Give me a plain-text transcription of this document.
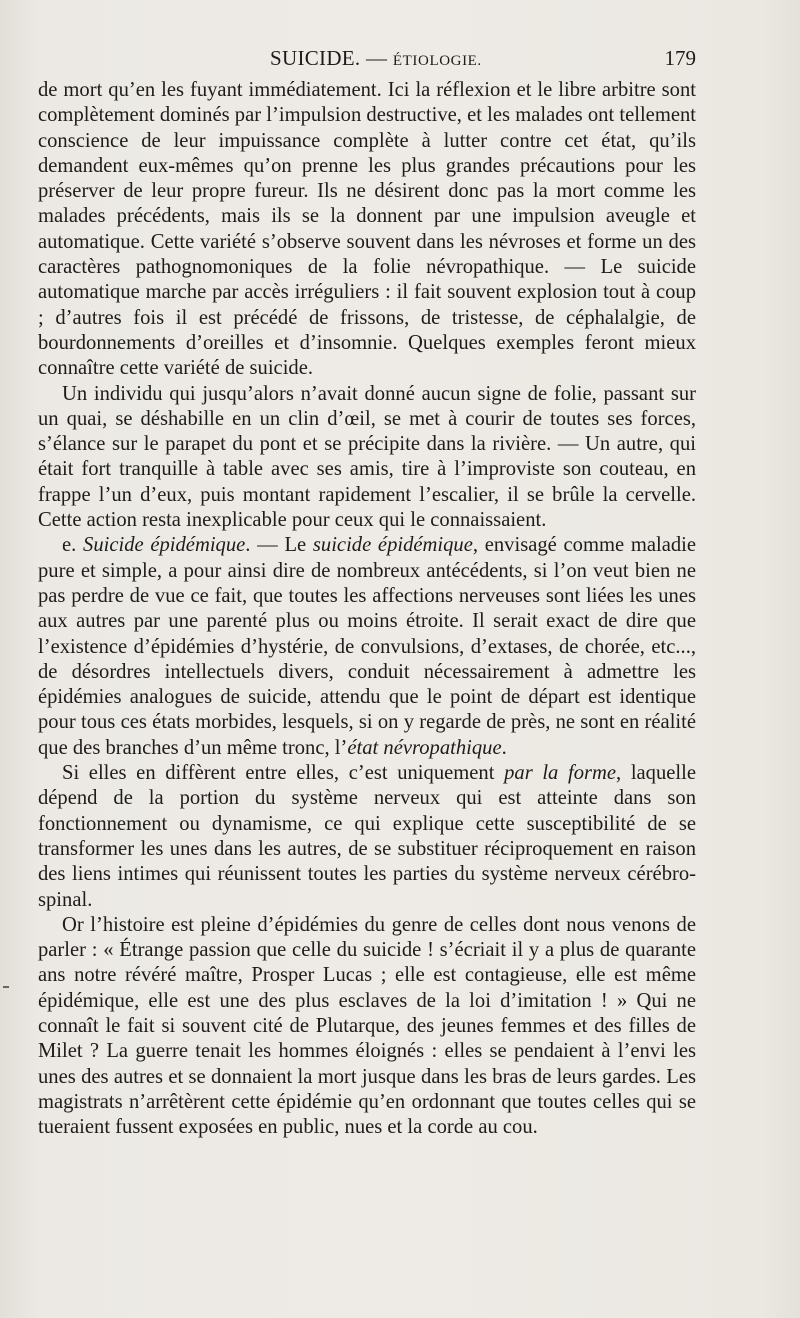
SUICIDE. — ÉTIOLOGIE.	179

de mort qu’en les fuyant immédiatement. Ici la réflexion et le libre arbitre sont complètement dominés par l’impulsion destructive, et les malades ont tellement conscience de leur impuissance complète à lutter contre cet état, qu’ils demandent eux-mêmes qu’on prenne les plus grandes précautions pour les préserver de leur propre fureur. Ils ne désirent donc pas la mort comme les malades précédents, mais ils se la donnent par une impulsion aveugle et automatique. Cette variété s’observe souvent dans les névroses et forme un des caractères pathognomoniques de la folie névropathique. — Le suicide automatique marche par accès irréguliers : il fait souvent explosion tout à coup ; d’autres fois il est précédé de frissons, de tristesse, de céphalalgie, de bourdonnements d’oreilles et d’insomnie. Quelques exemples feront mieux connaître cette variété de suicide.

Un individu qui jusqu’alors n’avait donné aucun signe de folie, passant sur un quai, se déshabille en un clin d’œil, se met à courir de toutes ses forces, s’élance sur le parapet du pont et se précipite dans la rivière. — Un autre, qui était fort tranquille à table avec ses amis, tire à l’improviste son couteau, en frappe l’un d’eux, puis montant rapidement l’escalier, il se brûle la cervelle. Cette action resta inexplicable pour ceux qui le connaissaient.

e. Suicide épidémique. — Le suicide épidémique, envisagé comme maladie pure et simple, a pour ainsi dire de nombreux antécédents, si l’on veut bien ne pas perdre de vue ce fait, que toutes les affections nerveuses sont liées les unes aux autres par une parenté plus ou moins étroite. Il serait exact de dire que l’existence d’épidémies d’hystérie, de convulsions, d’extases, de chorée, etc..., de désordres intellectuels divers, conduit nécessairement à admettre les épidémies analogues de suicide, attendu que le point de départ est identique pour tous ces états morbides, lesquels, si on y regarde de près, ne sont en réalité que des branches d’un même tronc, l’état névropathique.

Si elles en diffèrent entre elles, c’est uniquement par la forme, laquelle dépend de la portion du système nerveux qui est atteinte dans son fonctionnement ou dynamisme, ce qui explique cette susceptibilité de se transformer les unes dans les autres, de se substituer réciproquement en raison des liens intimes qui réunissent toutes les parties du système nerveux cérébro-spinal.

Or l’histoire est pleine d’épidémies du genre de celles dont nous venons de parler : « Étrange passion que celle du suicide ! s’écriait il y a plus de quarante ans notre révéré maître, Prosper Lucas ; elle est contagieuse, elle est même épidémique, elle est une des plus esclaves de la loi d’imitation ! » Qui ne connaît le fait si souvent cité de Plutarque, des jeunes femmes et des filles de Milet ? La guerre tenait les hommes éloignés : elles se pendaient à l’envi les unes des autres et se donnaient la mort jusque dans les bras de leurs gardes. Les magistrats n’arrêtèrent cette épidémie qu’en ordonnant que toutes celles qui se tueraient fussent exposées en public, nues et la corde au cou.
